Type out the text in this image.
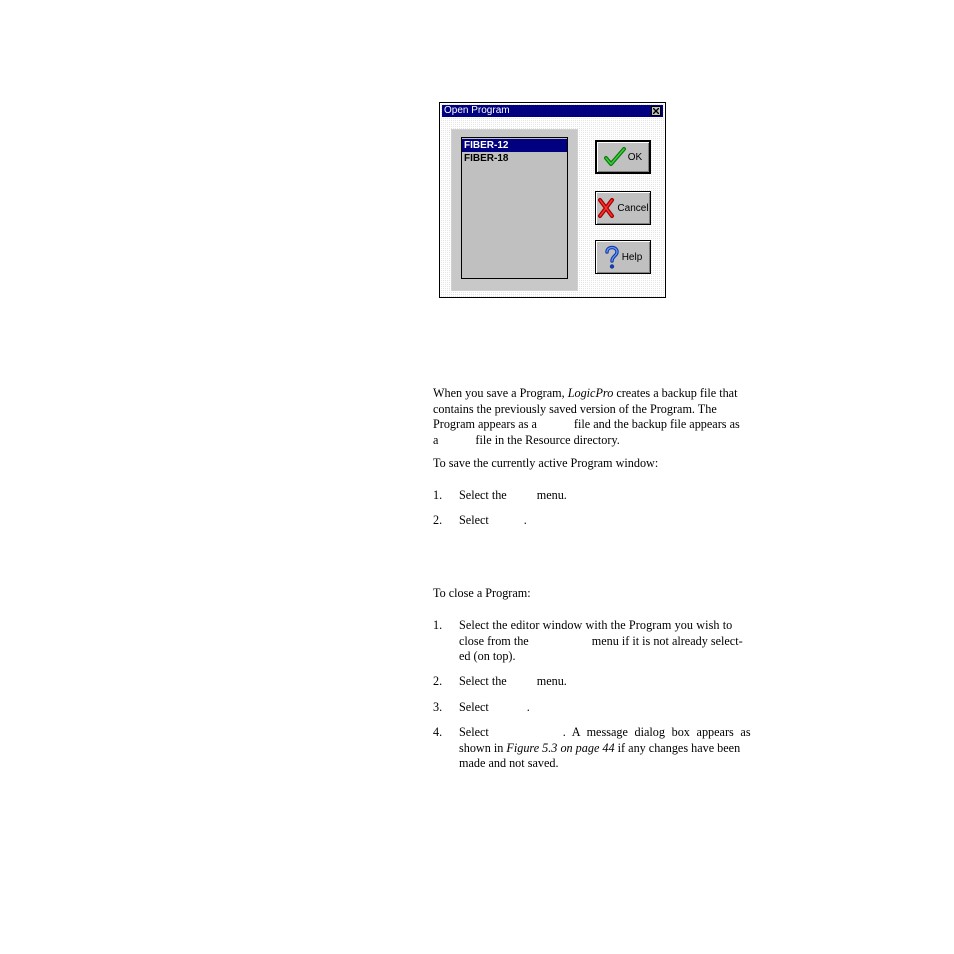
Open Program
FIBER-12
FIBER-18	OK
Cancel
Help
When you save a Program, LogicPro creates a backup file that
contains the previously saved version of the Program. The
Program appears as a	file and the backup file appears as
a	file in the Resource directory.
To save the currently active Program window:
1. Select the menu.
2. Select	.
To close a Program:
1. Select the editor window with the Program you wish to
close from the	menu if it is not already select-
ed (on top).
2. Select the menu.
3. Select	.
4. Select	. A message dialog box appears as
shown in Figure 5.3 on page 44 if any changes have been
made and not saved.
